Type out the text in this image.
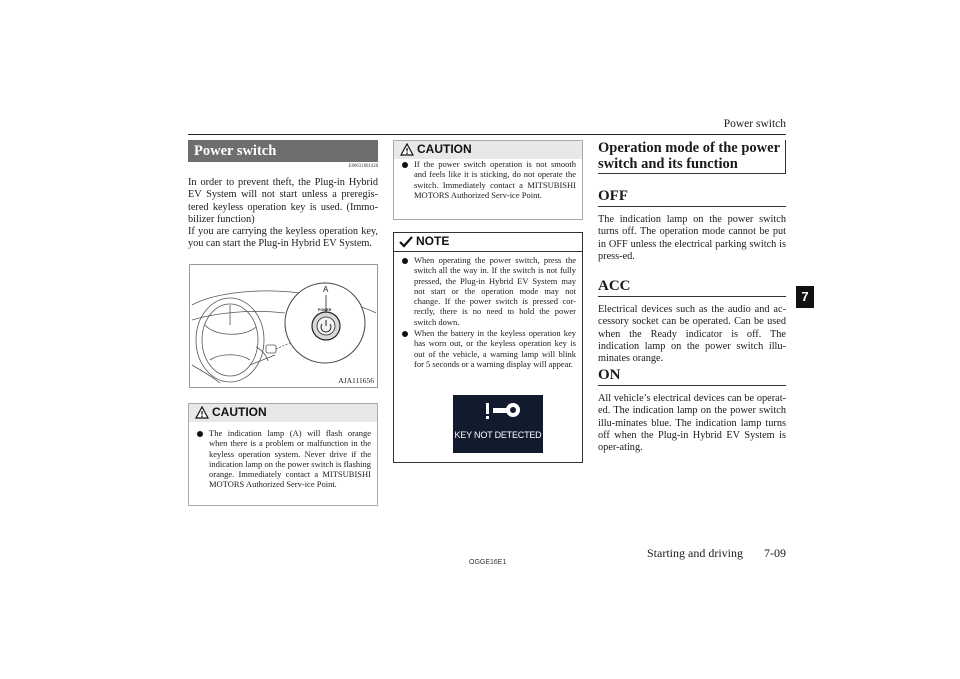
Power switch
7
Power switch
E00631801428

In order to prevent theft, the Plug-in Hybrid EV System will not start unless a preregis-tered keyless operation key is used. (Immo-bilizer function)

If you are carrying the keyless operation key, you can start the Plug-in Hybrid EV System.

A
POWER
AJA111656
CAUTION
The indication lamp (A) will flash orange when there is a problem or malfunction in the keyless operation system. Never drive if the indication lamp on the power switch is flashing orange. Immediately contact a MITSUBISHI MOTORS Authorized Serv-ice Point.
CAUTION
If the power switch operation is not smooth and feels like it is sticking, do not operate the switch. Immediately contact a MITSUBISHI MOTORS Authorized Serv-ice Point.
NOTE
When operating the power switch, press the switch all the way in. If the switch is not fully pressed, the Plug-in Hybrid EV System may not start or the operation mode may not change. If the power switch is pressed cor-rectly, there is no need to hold the power switch down.
When the battery in the keyless operation key has worn out, or the keyless operation key is out of the vehicle, a warning lamp will blink for 5 seconds or a warning display will appear.
KEY NOT DETECTED
Operation mode of the power switch and its function
OFF
The indication lamp on the power switch turns off. The operation mode cannot be put in OFF unless the electrical parking switch is press-ed.
ACC
Electrical devices such as the audio and ac-cessory socket can be operated. Can be used when the Ready indicator is off. The indication lamp on the power switch illu-minates orange.
ON
All vehicle’s electrical devices can be operat-ed. The indication lamp on the power switch illu-minates blue. The indication lamp turns off when the Plug-in Hybrid EV System is oper-ating.
OGGE16E1
Starting and driving 7-09
